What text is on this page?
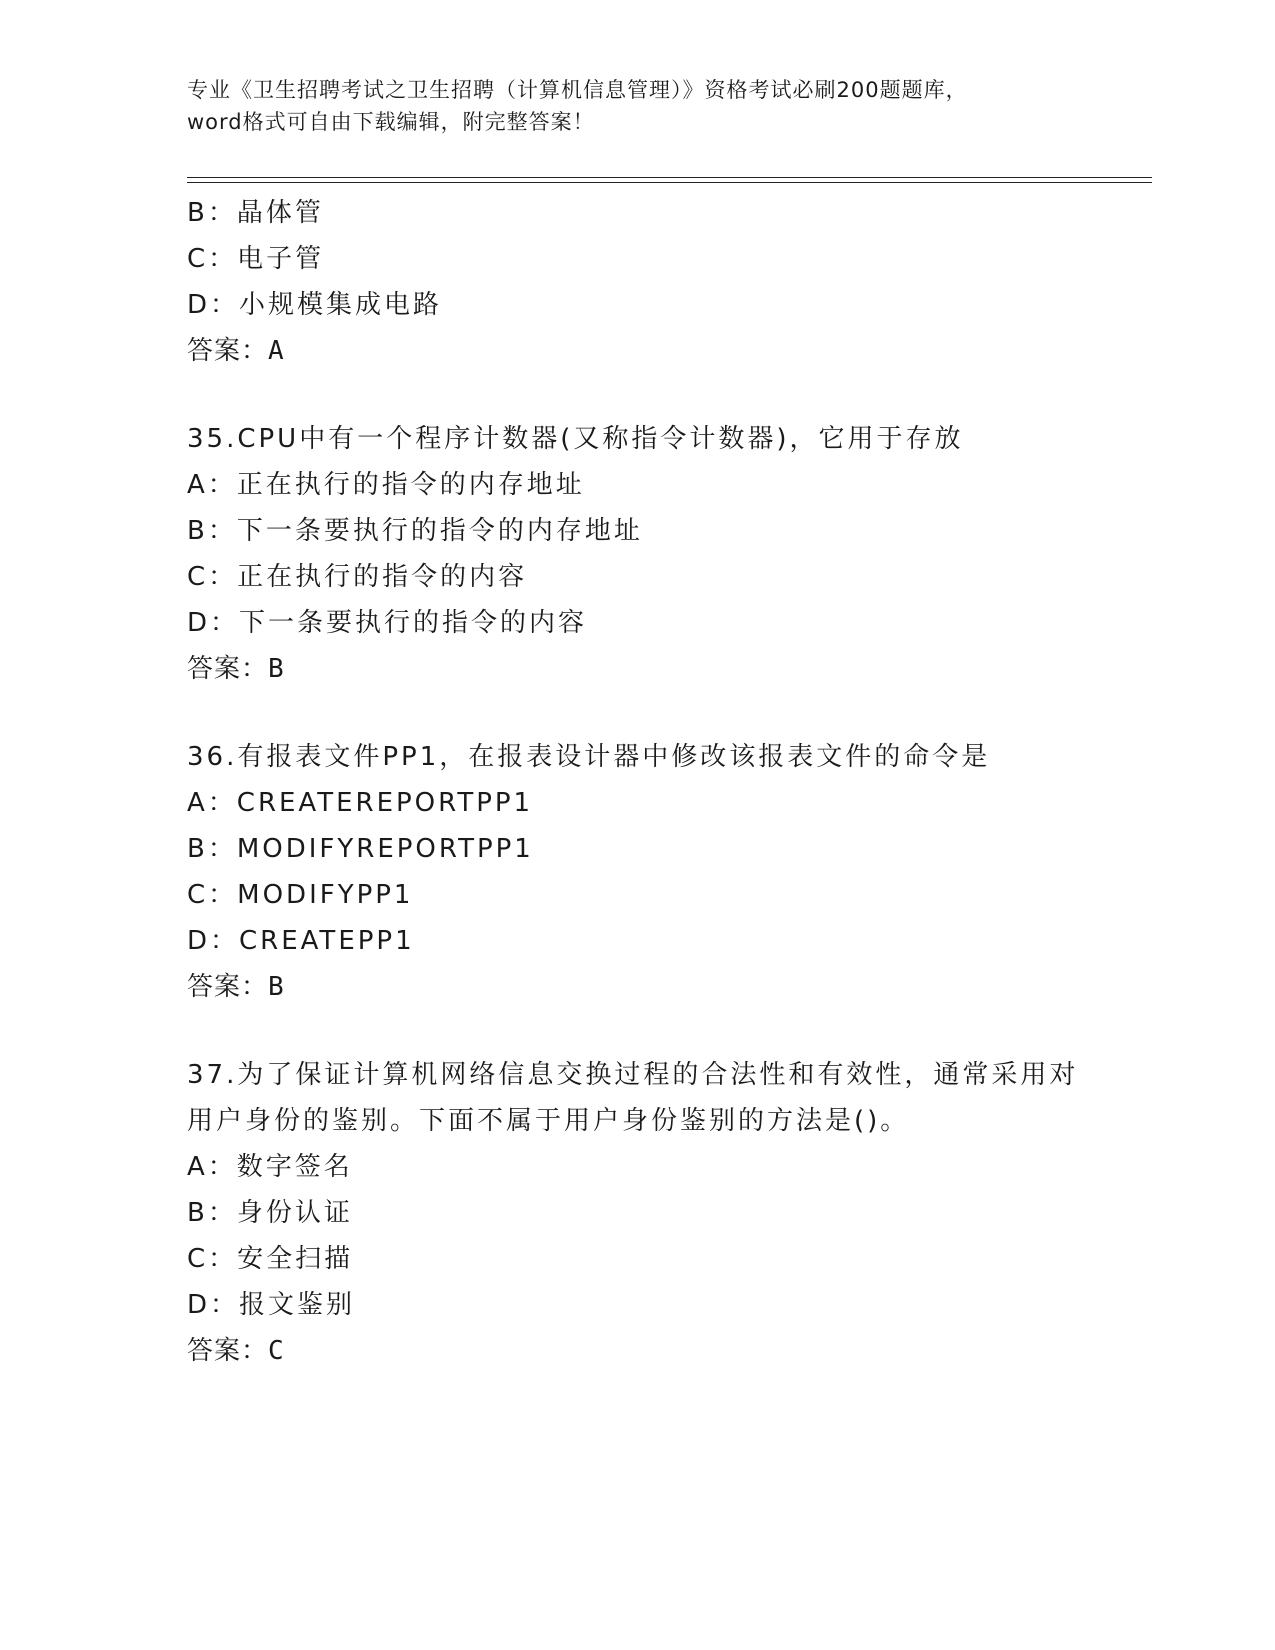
专业《卫生招聘考试之卫生招聘（计算机信息管理）》资格考试必刷200题题库，
word格式可自由下载编辑，附完整答案！
B：晶体管
C：电子管
D：小规模集成电路
答案：A
35.CPU中有一个程序计数器(又称指令计数器)，它用于存放
A：正在执行的指令的内存地址
B：下一条要执行的指令的内存地址
C：正在执行的指令的内容
D：下一条要执行的指令的内容
答案：B
36.有报表文件PP1，在报表设计器中修改该报表文件的命令是
A：CREATEREPORTPP1
B：MODIFYREPORTPP1
C：MODIFYPP1
D：CREATEPP1
答案：B
37.为了保证计算机网络信息交换过程的合法性和有效性，通常采用对
用户身份的鉴别。下面不属于用户身份鉴别的方法是()。
A：数字签名
B：身份认证
C：安全扫描
D：报文鉴别
答案：C
